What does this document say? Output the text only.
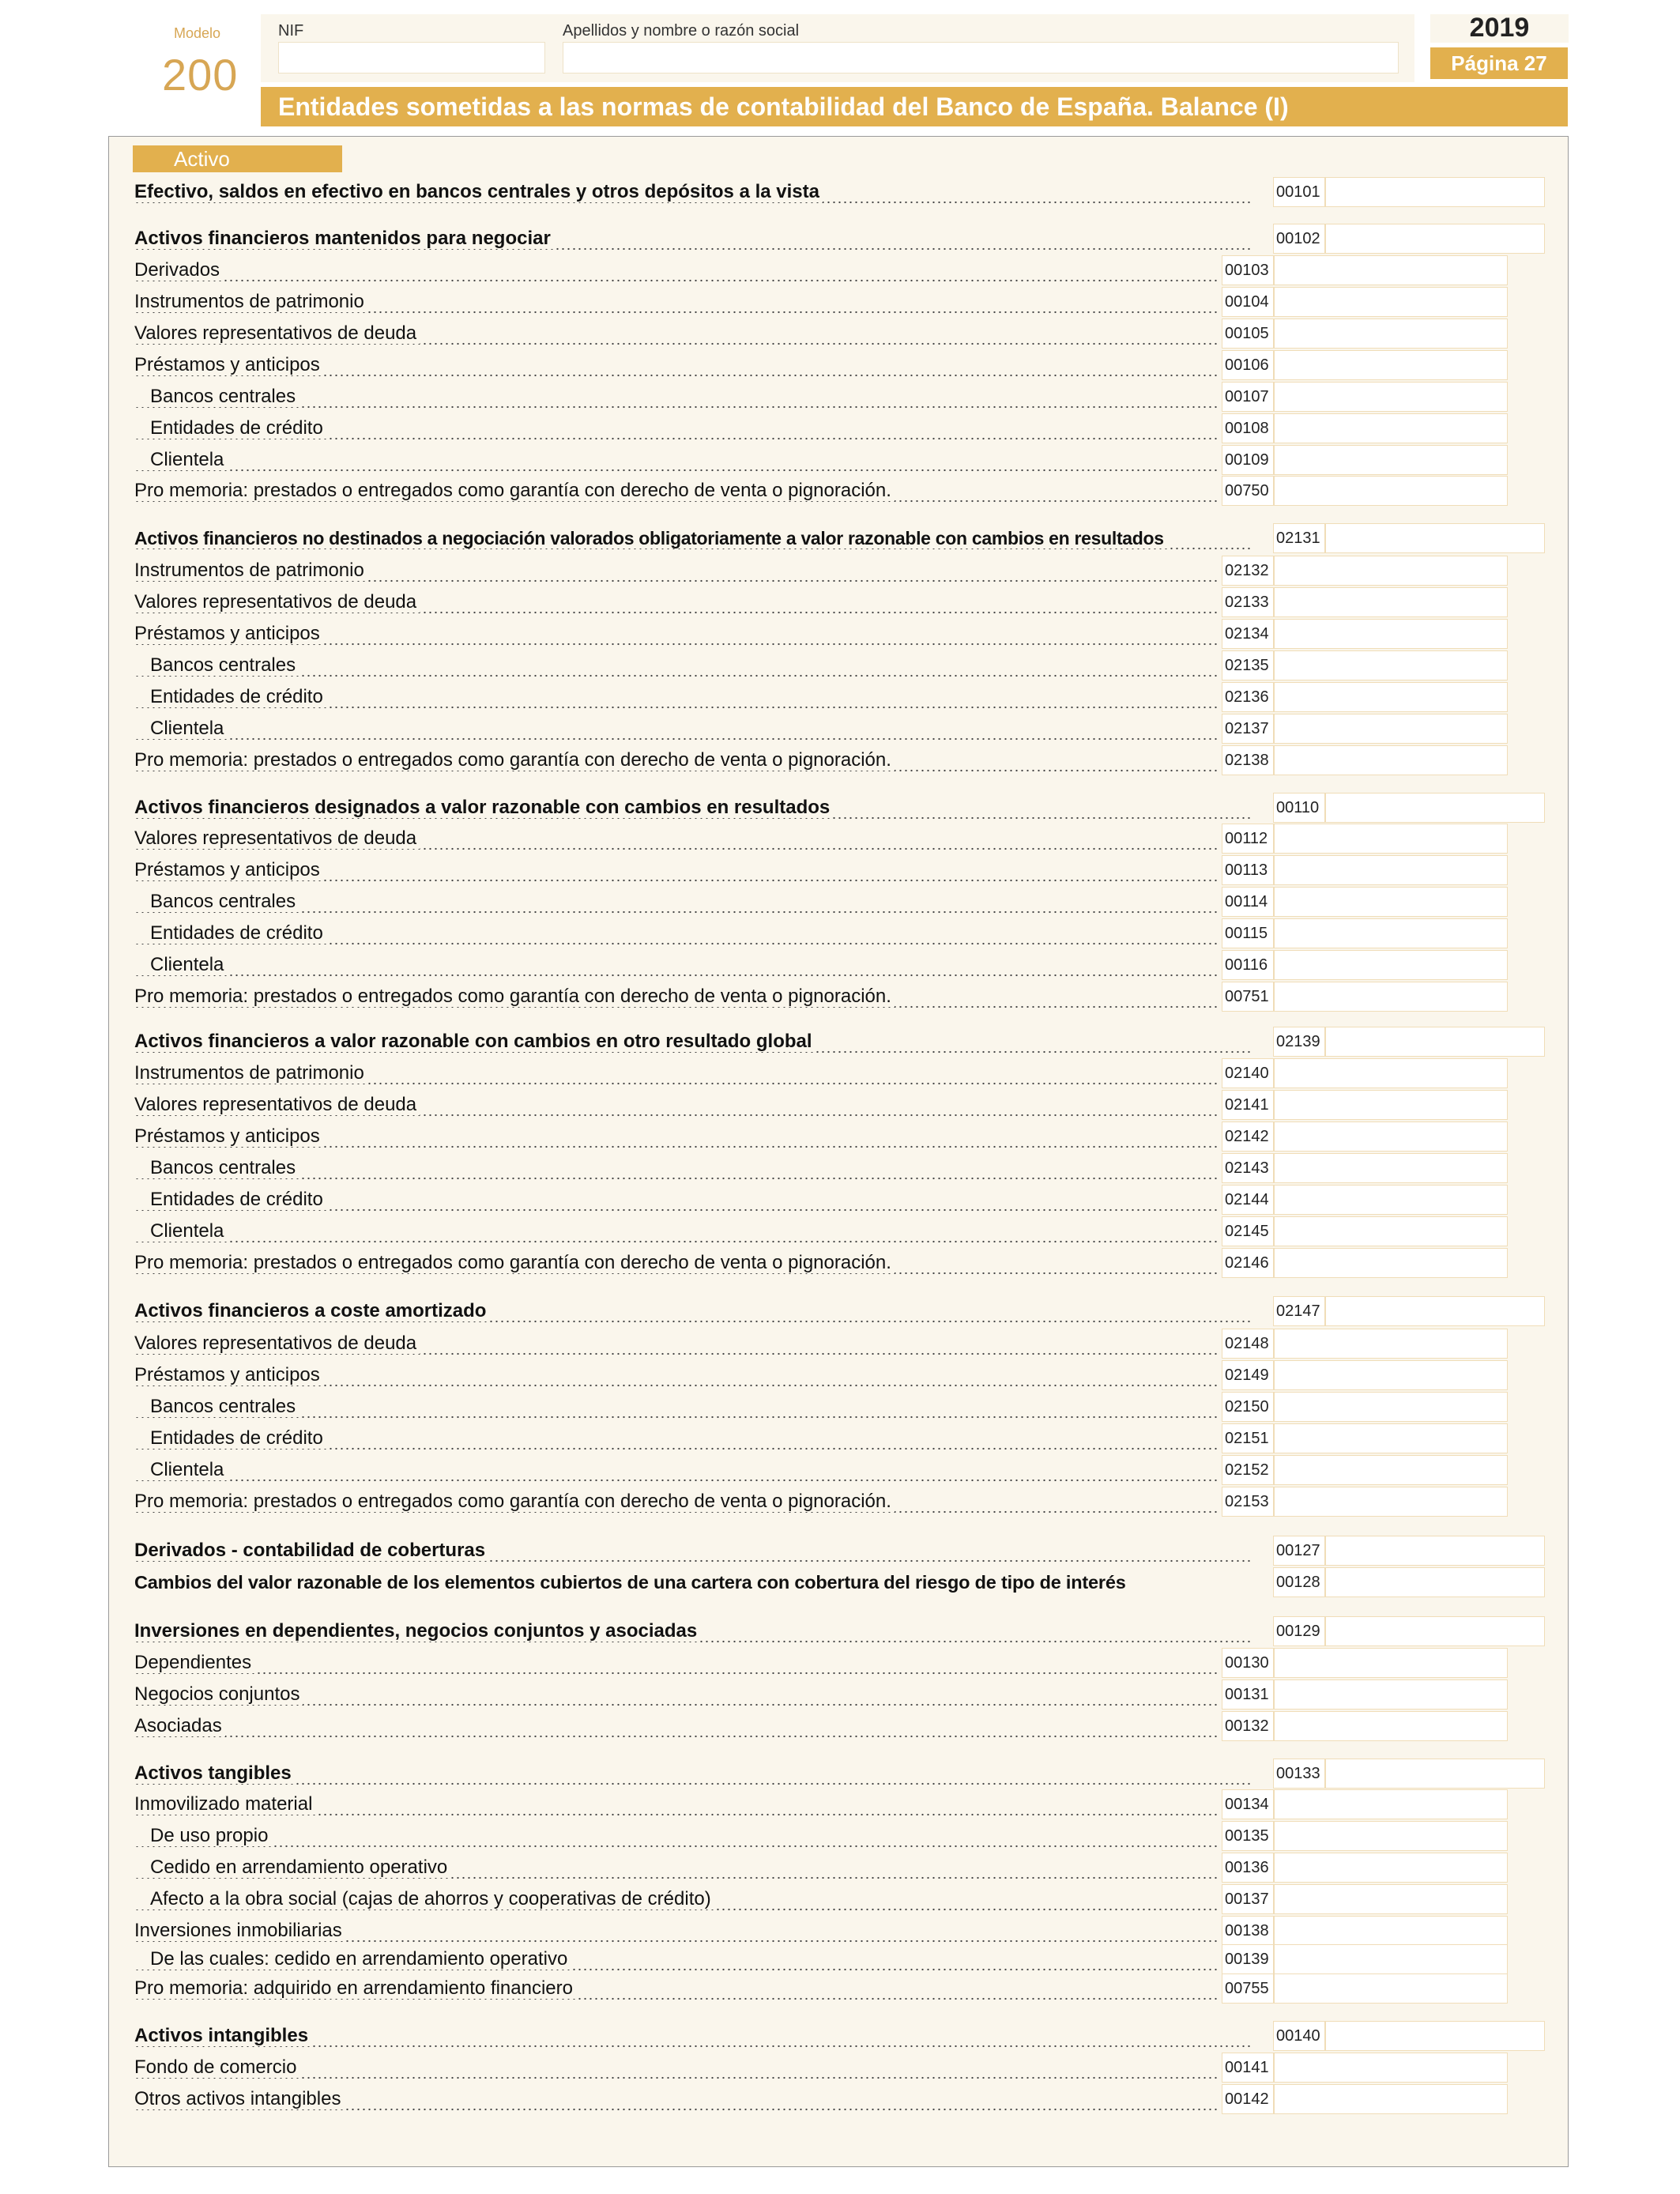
Modelo
200
NIF	Apellidos y nombre o razón social	2019
Página 27
Entidades sometidas a las normas de contabilidad del Banco de España. Balance (I)
Activo
Efectivo, saldos en efectivo en bancos centrales y otros depósitos a la vista	00101
Activos financieros mantenidos para negociar	00102
Derivados	00103
Instrumentos de patrimonio	00104
Valores representativos de deuda	00105
Préstamos y anticipos	00106
Bancos centrales	00107
Entidades de crédito	00108
Clientela	00109
Pro memoria: prestados o entregados como garantía con derecho de venta o pignoración.	00750
Activos financieros no destinados a negociación valorados obligatoriamente a valor razonable con cambios en resultados	02131
Instrumentos de patrimonio	02132
Valores representativos de deuda	02133
Préstamos y anticipos	02134
Bancos centrales	02135
Entidades de crédito	02136
Clientela	02137
Pro memoria: prestados o entregados como garantía con derecho de venta o pignoración.	02138
Activos financieros designados a valor razonable con cambios en resultados	00110
Valores representativos de deuda	00112
Préstamos y anticipos	00113
Bancos centrales	00114
Entidades de crédito	00115
Clientela	00116
Pro memoria: prestados o entregados como garantía con derecho de venta o pignoración.	00751
Activos financieros a valor razonable con cambios en otro resultado global	02139
Instrumentos de patrimonio	02140
Valores representativos de deuda	02141
Préstamos y anticipos	02142
Bancos centrales	02143
Entidades de crédito	02144
Clientela	02145
Pro memoria: prestados o entregados como garantía con derecho de venta o pignoración.	02146
Activos financieros a coste amortizado	02147
Valores representativos de deuda	02148
Préstamos y anticipos	02149
Bancos centrales	02150
Entidades de crédito	02151
Clientela	02152
Pro memoria: prestados o entregados como garantía con derecho de venta o pignoración.	02153
Derivados - contabilidad de coberturas	00127
Cambios del valor razonable de los elementos cubiertos de una cartera con cobertura del riesgo de tipo de interés	00128
Inversiones en dependientes, negocios conjuntos y asociadas	00129
Dependientes	00130
Negocios conjuntos	00131
Asociadas	00132
Activos tangibles	00133
Inmovilizado material	00134
De uso propio	00135
Cedido en arrendamiento operativo	00136
Afecto a la obra social (cajas de ahorros y cooperativas de crédito)	00137
Inversiones inmobiliarias	00138
De las cuales: cedido en arrendamiento operativo	00139
Pro memoria: adquirido en arrendamiento financiero	00755
Activos intangibles	00140
Fondo de comercio	00141
Otros activos intangibles	00142
